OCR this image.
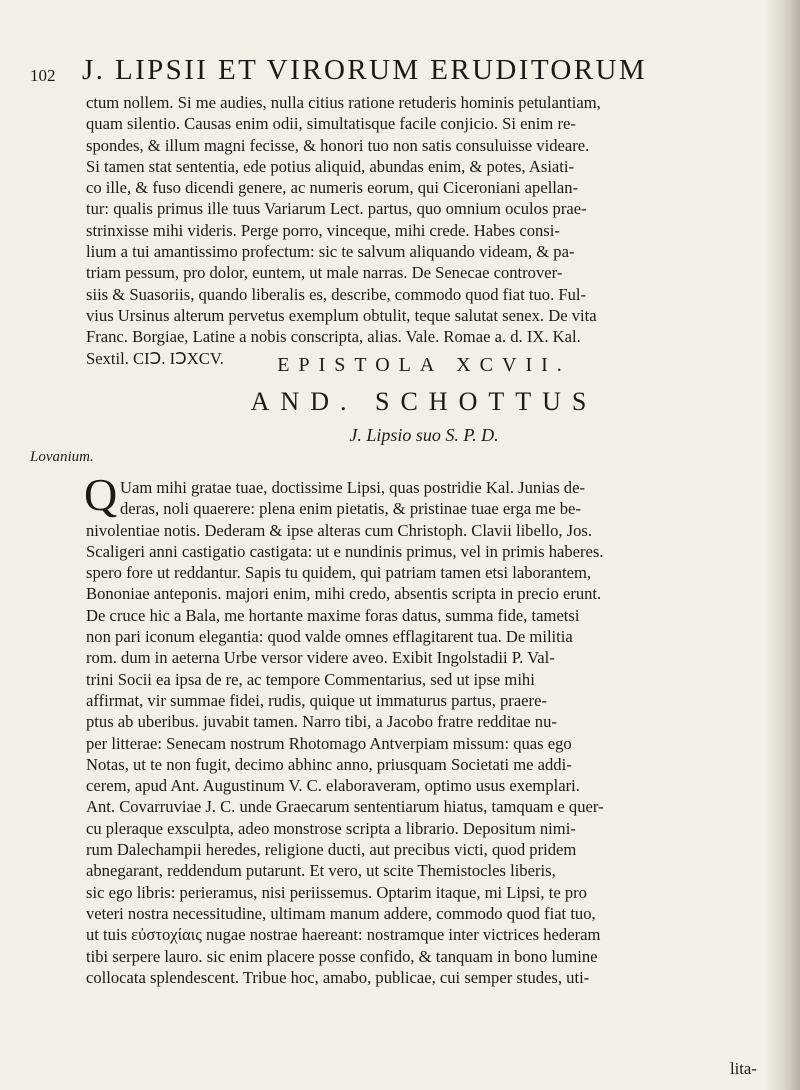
102 J. LIPSII ET VIRORUM ERUDITORUM
ctum nollem. Si me audies, nulla citius ratione retuderis hominis petulantiam,
quam silentio. Causas enim odii, simultatisque facile conjicio. Si enim re-
spondes, & illum magni fecisse, & honori tuo non satis consuluisse videare.
Si tamen stat sententia, ede potius aliquid, abundas enim, & potes, Asiati-
co ille, & fuso dicendi genere, ac numeris eorum, qui Ciceroniani apellan-
tur: qualis primus ille tuus Variarum Lect. partus, quo omnium oculos prae-
strinxisse mihi videris. Perge porro, vinceque, mihi crede. Habes consi-
lium a tui amantissimo profectum: sic te salvum aliquando videam, & pa-
triam pessum, pro dolor, euntem, ut male narras. De Senecae controver-
siis & Suasoriis, quando liberalis es, describe, commodo quod fiat tuo. Ful-
vius Ursinus alterum pervetus exemplum obtulit, teque salutat senex. De vita
Franc. Borgiae, Latine a nobis conscripta, alias. Vale. Romae a. d. IX. Kal.
Sextil. CIↃ. IↃXCV.	EPISTOLA XCVII.
AND. SCHOTTUS
J. Lipsio suo S. P. D.
Lovanium.
Q Uam mihi gratae tuae, doctissime Lipsi, quas postridie Kal. Junias de-
deras, noli quaerere: plena enim pietatis, & pristinae tuae erga me be-
nivolentiae notis. Dederam & ipse alteras cum Christoph. Clavii libello, Jos.
Scaligeri anni castigatio castigata: ut e nundinis primus, vel in primis haberes.
spero fore ut reddantur. Sapis tu quidem, qui patriam tamen etsi laborantem,
Bononiae anteponis. majori enim, mihi credo, absentis scripta in precio erunt.
De cruce hic a Bala, me hortante maxime foras datus, summa fide, tametsi
non pari iconum elegantia: quod valde omnes efflagitarent tua. De militia
rom. dum in aeterna Urbe versor videre aveo. Exibit Ingolstadii P. Val-
trini Socii ea ipsa de re, ac tempore Commentarius, sed ut ipse mihi
affirmat, vir summae fidei, rudis, quique ut immaturus partus, praere-
ptus ab uberibus. juvabit tamen. Narro tibi, a Jacobo fratre redditae nu-
per litterae: Senecam nostrum Rhotomago Antverpiam missum: quas ego
Notas, ut te non fugit, decimo abhinc anno, priusquam Societati me addi-
cerem, apud Ant. Augustinum V. C. elaboraveram, optimo usus exemplari.
Ant. Covarruviae J. C. unde Graecarum sententiarum hiatus, tamquam e quer-
cu pleraque exsculpta, adeo monstrose scripta a librario. Depositum nimi-
rum Dalechampii heredes, religione ducti, aut precibus victi, quod pridem
abnegarant, reddendum putarunt. Et vero, ut scite Themistocles liberis,
sic ego libris: perieramus, nisi periissemus. Optarim itaque, mi Lipsi, te pro
veteri nostra necessitudine, ultimam manum addere, commodo quod fiat tuo,
ut tuis εὐστοχίαις nugae nostrae haereant: nostramque inter victrices hederam
tibi serpere lauro. sic enim placere posse confido, & tanquam in bono lumine
collocata splendescent. Tribue hoc, amabo, publicae, cui semper studes, uti-
lita-
